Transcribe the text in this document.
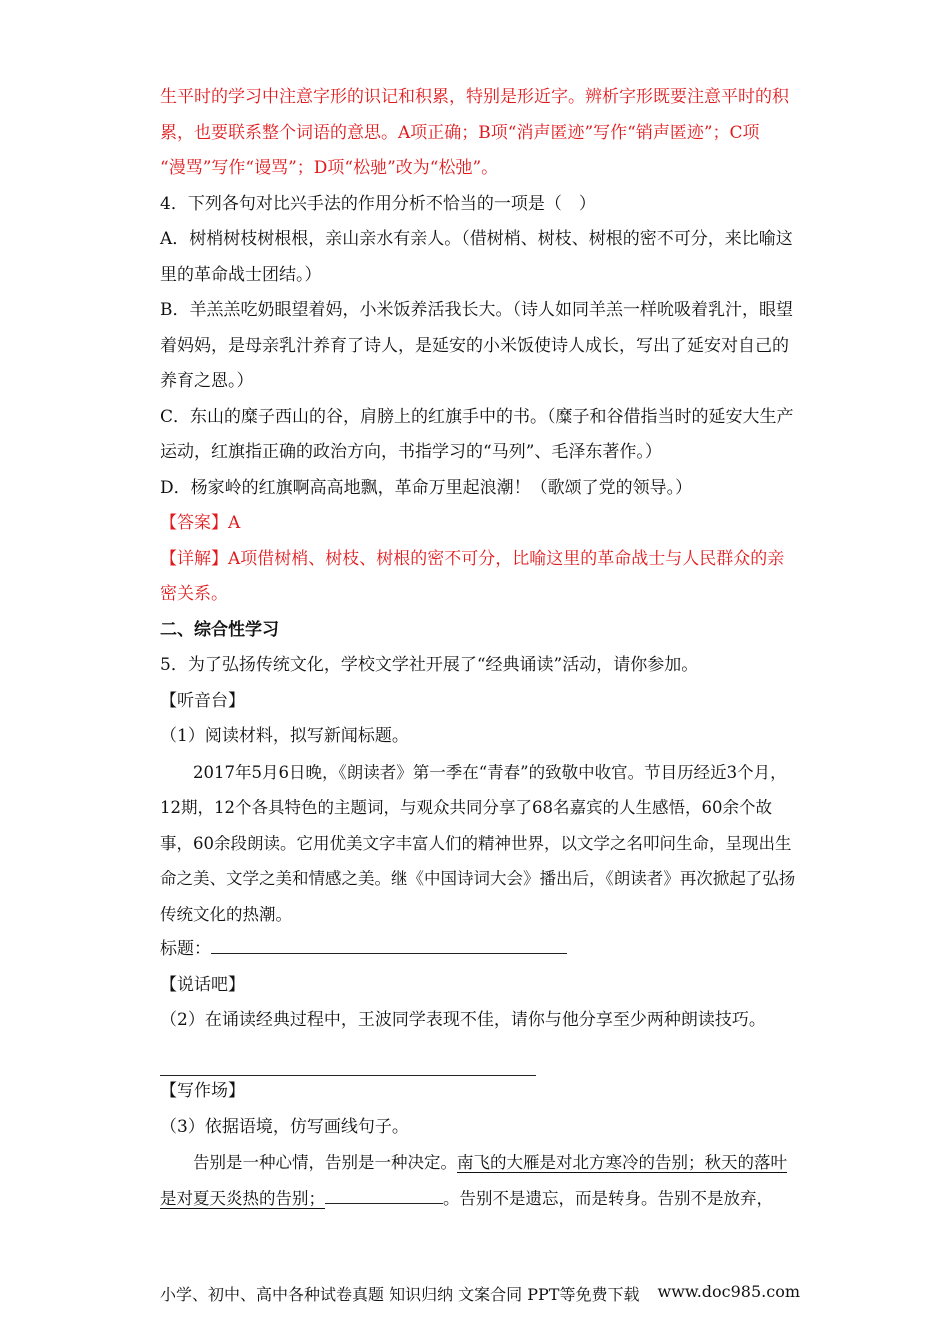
生平时的学习中注意字形的识记和积累，特别是形近字。辨析字形既要注意平时的积

累，也要联系整个词语的意思。A项正确；B项“消声匿迹”写作“销声匿迹”；C项

“漫骂”写作“谩骂”；D项“松驰”改为“松弛”。

4．下列各句对比兴手法的作用分析不恰当的一项是（　）

A．树梢树枝树根根，亲山亲水有亲人。（借树梢、树枝、树根的密不可分，来比喻这里的革命战士团结。）

B．羊羔羔吃奶眼望着妈，小米饭养活我长大。（诗人如同羊羔一样吮吸着乳汁，眼望着妈妈，是母亲乳汁养育了诗人，是延安的小米饭使诗人成长，写出了延安对自己的养育之恩。）

C．东山的糜子西山的谷，肩膀上的红旗手中的书。（糜子和谷借指当时的延安大生产运动，红旗指正确的政治方向，书指学习的“马列”、毛泽东著作。）

D．杨家岭的红旗啊高高地飘，革命万里起浪潮！（歌颂了党的领导。）

【答案】A

【详解】A项借树梢、树枝、树根的密不可分，比喻这里的革命战士与人民群众的亲密关系。

二、综合性学习

5．为了弘扬传统文化，学校文学社开展了“经典诵读”活动，请你参加。

【听音台】

（1）阅读材料，拟写新闻标题。

2017年5月6日晚，《朗读者》第一季在“青春”的致敬中收官。节目历经近3个月，12期，12个各具特色的主题词，与观众共同分享了68名嘉宾的人生感悟，60余个故事，60余段朗读。它用优美文字丰富人们的精神世界，以文学之名叩问生命，呈现出生命之美、文学之美和情感之美。继《中国诗词大会》播出后，《朗读者》再次掀起了弘扬传统文化的热潮。

标题：

【说话吧】

（2）在诵读经典过程中，王波同学表现不佳，请你与他分享至少两种朗读技巧。

【写作场】

（3）依据语境，仿写画线句子。

告别是一种心情，告别是一种决定。南飞的大雁是对北方寒冷的告别；秋天的落叶是对夏天炎热的告别；	。告别不是遗忘，而是转身。告别不是放弃，

小学、初中、高中各种试卷真题 知识归纳 文案合同 PPT等免费下载 www.doc985.com
